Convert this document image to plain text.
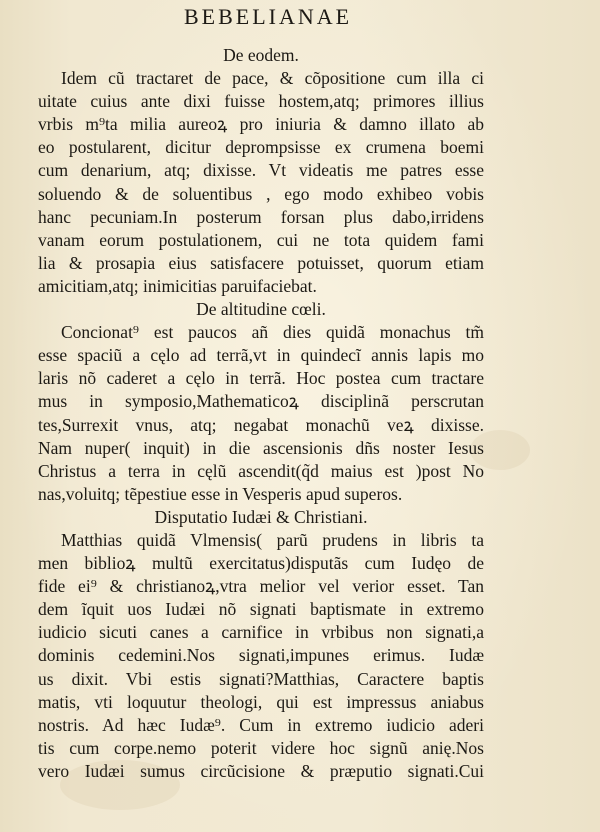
BEBELIANAE
De eodem.
Idem cũ tractaret de pace, & cõpositione cum illa ci
uitate cuius ante dixi fuisse hostem,atq; primores illius
vrbis m⁹ta milia aureoꝝ pro iniuria & damno illato ab
eo postularent, dicitur deprompsisse ex crumena boemi
cum denarium, atq; dixisse. Vt videatis me patres esse
soluendo & de soluentibus , ego modo exhibeo vobis
hanc pecuniam.In posterum forsan plus dabo,irridens
vanam eorum postulationem, cui ne tota quidem fami
lia & prosapia eius satisfacere potuisset, quorum etiam
amicitiam,atq; inimicitias paruifaciebat.
De altitudine cœli.
Concionat⁹ est paucos añ dies quidã monachus tm̃
esse spaciũ a cęlo ad terrã,vt in quindecĩ annis lapis mo
laris nõ caderet a cęlo in terrã. Hoc postea cum tractare
mus in symposio,Mathematicoꝝ disciplinã perscrutan
tes,Surrexit vnus, atq; negabat monachũ veꝝ dixisse.
Nam nuper( inquit) in die ascensionis dñs noster Iesus
Christus a terra in cęlũ ascendit(q̃d maius est )post No
nas,voluitq; tẽpestiue esse in Vesperis apud superos.
Disputatio Iudæi & Christiani.
Matthias quidã Vlmensis( parũ prudens in libris ta
men biblioꝝ multũ exercitatus)disputãs cum Iudęo de
fide ei⁹ & christianoꝝ,vtra melior vel verior esset. Tan
dem ĩquit uos Iudæi nõ signati baptismate in extremo
iudicio sicuti canes a carnifice in vrbibus non signati,a
dominis cedemini.Nos signati,impunes erimus. Iudæ
us dixit. Vbi estis signati?Matthias, Caractere baptis
matis, vti loquutur theologi, qui est impressus aniabus
nostris. Ad hæc Iudæ⁹. Cum in extremo iudicio aderi
tis cum corpe.nemo poterit videre hoc signũ anię.Nos
vero Iudæi sumus circũcisione & præputio signati.Cui
